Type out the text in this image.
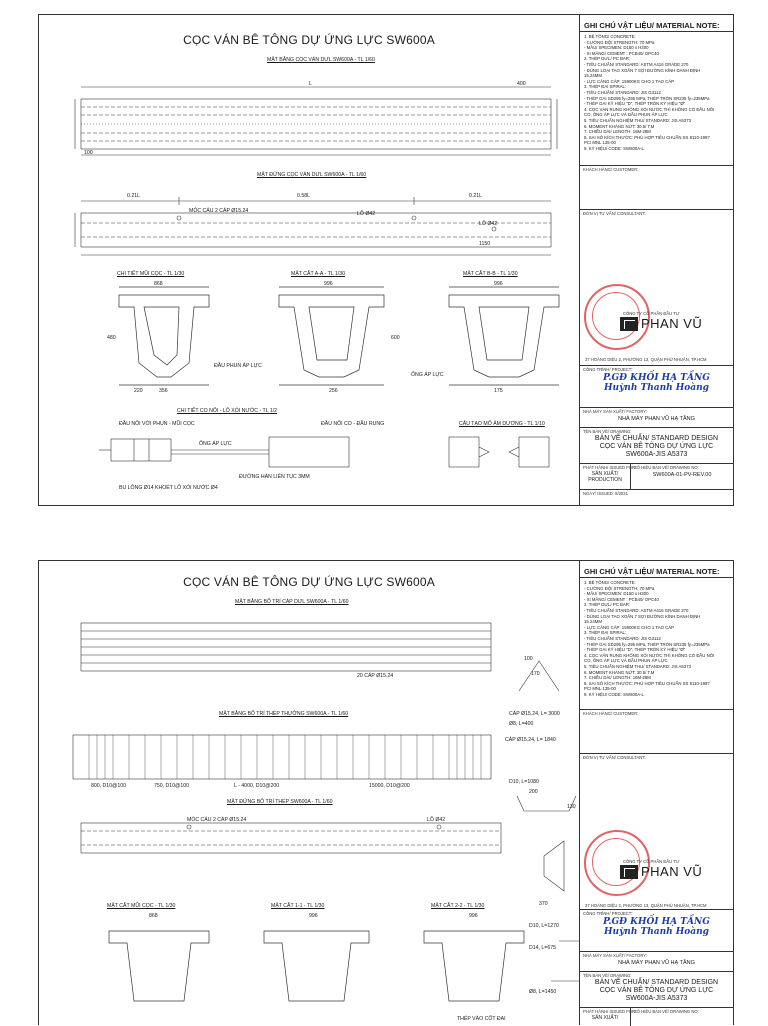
CỌC VÁN BÊ TÔNG DỰ ỨNG LỰC SW600A
MẶT BẰNG CỌC VÁN DƯL SW600A - TL 1/60
L	400
100
MẶT ĐỨNG CỌC VÁN DƯL SW600A - TL 1/60
0.21L	0.58L	0.21L
MÓC CẨU 2 CÁP Ø15.24	LỖ Ø42
LỖ Ø42
1150
CHI TIẾT MŨI CỌC - TL 1/30	MẶT CẮT A-A - TL 1/30	MẶT CẮT B-B - TL 1/30
868	996	996
480	600
ĐẦU PHUN ÁP LỰC
ỐNG ÁP LỰC
220	356	256	175
CHI TIẾT CO NỐI - LỖ XÓI NƯỚC - TL 1/2
ĐẦU NỐI VỚI PHUN - MŨI CỌC	ĐẦU NỐI CO - ĐẦU RUNG
ỐNG ÁP LỰC
BU LÔNG Ø14 KHOÉT LỖ XÓI NƯỚC Ø4
ĐƯỜNG HÀN LIÊN TỤC 3MM
CẤU TẠO MỐ ÂM DƯƠNG - TL 1/10
GHI CHÚ VẬT LIỆU/ MATERIAL NOTE:
1. BÊ TÔNG/ CONCRETE:
- CƯỜNG ĐỘ/ STRENGTH: 70 MPa
- MẪU/ SPECIMEN: D150 x H300
- XI MĂNG/ CEMENT : PCB40/ OPC40
2. THÉP DƯL/ PC BAR:
- TIÊU CHUẨN/ STANDARD: ASTM A416 GRADE 270
- DÙNG LOẠI TAO XOẮN 7 SỢI ĐƯỜNG KÍNH DANH ĐỊNH
15.24MM
- LỰC CĂNG CÁP: 15900KG CHO 1 TAO CÁP
3. THÉP ĐAI SPIRAL:
- TIÊU CHUẨN/ STANDARD: JIS G3112
- THÉP GAI SD295 fy=295 MPa, THÉP TRÒN SR235 fy=235MPa
- THÉP GAI KÝ HIỆU "D", THÉP TRÒN KÝ HIỆU "Ø"
4. CỌC VÁN RUNG KHÔNG XÓI NƯỚC THÌ KHÔNG CÓ ĐẦU NỐI
CO, ỐNG ÁP LỰC VÀ ĐẦU PHUN ÁP LỰC
5. TIÊU CHUẨN NGHIỆM THU/ STANDARD: JIS A5373
6. MOMENT KHÁNG NỨT: 30.5/ T.M
7. CHIỀU DÀI/ LENGTH: 16M-28M
8. SAI SỐ KÍCH THƯỚC: PHÙ HỢP TIÊU CHUẨN SS 8110-1997
PCI MNL 135-00
9. KÝ HIỆU/ CODE: SW600A-L
KHÁCH HÀNG/ CUSTOMER:
ĐƠN VỊ TƯ VẤN/ CONSULTANT:
CÔNG TY CỔ PHẦN ĐẦU TƯ
PHAN VŨ
37 HOÀNG DIỆU 2, PHƯỜNG 13, QUẬN PHÚ NHUẬN, TP.HCM
CÔNG TRÌNH/ PROJECT:
P.GĐ KHỐI HẠ TẦNG
Huỳnh Thanh Hoàng
NHÀ MÁY SẢN XUẤT/ FACTORY:
NHÀ MÁY PHAN VŨ HẠ TẦNG
TÊN BẢN VẼ/ DRAWING:
BẢN VẼ CHUẨN/ STANDARD DESIGN
CỌC VÁN BÊ TÔNG DỰ ỨNG LỰC
SW600A-JIS A5373
PHÁT HÀNH/ ISSUED FOR:
SẢN XUẤT/
PRODUCTION
SỐ HIỆU BẢN VẼ/ DRAWING NO:
SW600A-01-PV-REV.00
NGÀY/ ISSUED: 8/2021
CỌC VÁN BÊ TÔNG DỰ ỨNG LỰC SW600A
MẶT BẰNG BỐ TRÍ CÁP DƯL SW600A - TL 1/60
20 CÁP Ø15.24
CÁP Ø15.24, L= 3000
Ø8, L=400
CÁP Ø15.24, L= 1840
MẶT BẰNG BỐ TRÍ THÉP THƯỜNG SW600A - TL 1/60
800, D10@100	750, D10@100	L - 4000, D10@200	15000, D10@200
D10, L=1080
MẶT ĐỨNG BỐ TRÍ THÉP SW600A - TL 1/60
MÓC CẨU 2 CÁP Ø15.24	LỖ Ø42
170
100
200
130
370
D10, L=1270
D14, L=675
Ø8, L=1450
MẶT CẮT MŨI CỌC - TL 1/30	MẶT CẮT 1-1 - TL 1/30	MẶT CẮT 2-2 - TL 1/30
868	996	996
THÉP VÀO CỐT ĐAI
GHI CHÚ VẬT LIỆU/ MATERIAL NOTE:
1. BÊ TÔNG/ CONCRETE:
- CƯỜNG ĐỘ/ STRENGTH: 70 MPa
- MẪU/ SPECIMEN: D150 x H300
- XI MĂNG/ CEMENT : PCB40/ OPC40
2. THÉP DƯL/ PC BAR:
- TIÊU CHUẨN/ STANDARD: ASTM A416 GRADE 270
- DÙNG LOẠI TAO XOẮN 7 SỢI ĐƯỜNG KÍNH DANH ĐỊNH
15.24MM
- LỰC CĂNG CÁP: 15900KG CHO 1 TAO CÁP
3. THÉP ĐAI SPIRAL:
- TIÊU CHUẨN/ STANDARD: JIS G3112
- THÉP GAI SD295 fy=295 MPa, THÉP TRÒN SR235 fy=235MPa
- THÉP GAI KÝ HIỆU "D", THÉP TRÒN KÝ HIỆU "Ø"
4. CỌC VÁN RUNG KHÔNG XÓI NƯỚC THÌ KHÔNG CÓ ĐẦU NỐI
CO, ỐNG ÁP LỰC VÀ ĐẦU PHUN ÁP LỰC
5. TIÊU CHUẨN NGHIỆM THU/ STANDARD: JIS A5373
6. MOMENT KHÁNG NỨT: 30.5/ T.M
7. CHIỀU DÀI/ LENGTH: 16M-28M
8. SAI SỐ KÍCH THƯỚC: PHÙ HỢP TIÊU CHUẨN SS 8110-1997
PCI MNL 135-00
9. KÝ HIỆU/ CODE: SW600A-L
KHÁCH HÀNG/ CUSTOMER:
ĐƠN VỊ TƯ VẤN/ CONSULTANT:
CÔNG TY CỔ PHẦN ĐẦU TƯ
PHAN VŨ
37 HOÀNG DIỆU 2, PHƯỜNG 13, QUẬN PHÚ NHUẬN, TP.HCM
CÔNG TRÌNH/ PROJECT:
P.GĐ KHỐI HẠ TẦNG
Huỳnh Thanh Hoàng
NHÀ MÁY SẢN XUẤT/ FACTORY:
NHÀ MÁY PHAN VŨ HẠ TẦNG
TÊN BẢN VẼ/ DRAWING:
BẢN VẼ CHUẨN/ STANDARD DESIGN
CỌC VÁN BÊ TÔNG DỰ ỨNG LỰC
SW600A-JIS A5373
PHÁT HÀNH/ ISSUED FOR:
SẢN XUẤT/
SỐ HIỆU BẢN VẼ/ DRAWING NO:
